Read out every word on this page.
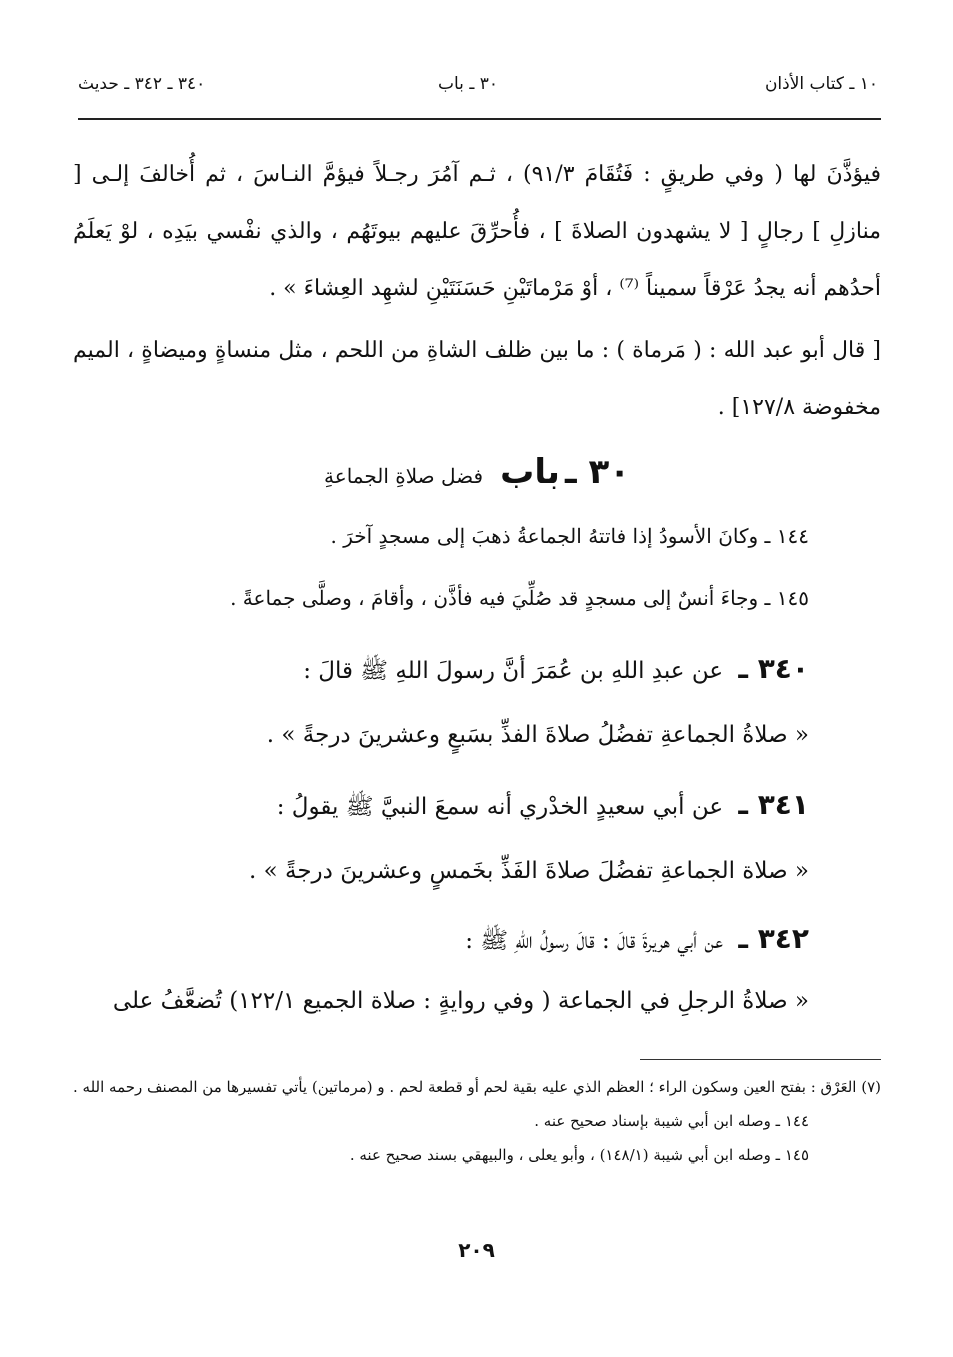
١٠ ـ كتاب الأذان
٣٠ ـ باب
٣٤٠ ـ ٣٤٢ ـ حديث
فيؤذَّنَ لها ( وفي طريقٍ : فَتُقَامَ ٩١/٣) ، ثـم آمُرَ رجـلاً فيؤمَّ النـاسَ ، ثم أُخالفَ إلـى [ منازلِ ] رجالٍ [ لا يشهدون الصلاةَ ] ، فأُحرِّقَ عليهم بيوتَهُم ، والذي نفْسي بيَدِه ، لوْ يَعلَمُ أحدُهم أنه يجدُ عَرْقاً سميناً ⁽⁷⁾ ، أوْ مَرْماتَيْنِ حَسَنَتَيْنِ لشهِد العِشاءَ » .
[ قال أبو عبد الله : ( مَرماة ) : ما بين ظلف الشاةِ من اللحم ، مثل منساةٍ وميضاةٍ ، الميم مخفوضة ١٢٧/٨] .
٣٠ ـ باب فضل صلاةِ الجماعةِ
١٤٤ ـ وكانَ الأسودُ إذا فاتتهُ الجماعةُ ذهبَ إلى مسجدٍ آخرَ .
١٤٥ ـ وجاءَ أنسٌ إلى مسجدٍ قد صُلِّيَ فيه فأذَّن ، وأقامَ ، وصلَّى جماعةً .
٣٤٠ ـ عن عبدِ اللهِ بن عُمَرَ أنَّ رسولَ اللهِ ﷺ قالَ :
« صلاةُ الجماعةِ تفضُلُ صلاةَ الفذِّ بسَبعٍ وعشرينَ درجةً » .
٣٤١ ـ عن أبي سعيدٍ الخدْري أنه سمعَ النبيَّ ﷺ يقولُ :
« صلاة الجماعةِ تفضُلَ صلاةَ الفَذِّ بخَمسٍ وعشرينَ درجةً » .
٣٤٢ ـ عن أبي هريرةَ قالَ : قالَ رسولُ اللهِ ﷺ :
« صلاةُ الرجلِ في الجماعة ( وفي روايةٍ : صلاة الجميع ١٢٢/١) تُضعَّفُ على
(٧) العَرْق : بفتح العين وسكون الراء ؛ العظم الذي عليه بقية لحم أو قطعة لحم . و (مرماتين) يأتي تفسيرها من المصنف رحمه الله .
١٤٤ ـ وصله ابن أبي شيبة بإسناد صحيح عنه .
١٤٥ ـ وصله ابن أبي شيبة (١٤٨/١) ، وأبو يعلى ، والبيهقي بسند صحيح عنه .
٢٠٩
